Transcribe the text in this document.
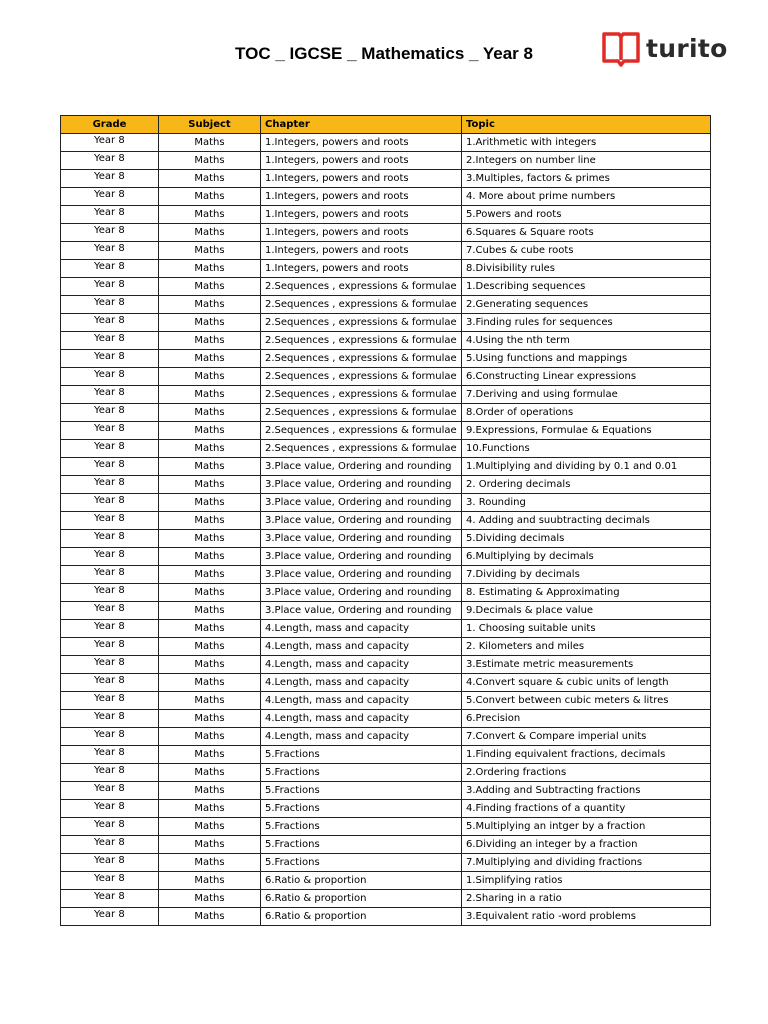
TOC _ IGCSE _ Mathematics _ Year 8	turito
Grade	Subject	Chapter	Topic
Year 8	Maths	1.Integers, powers and roots	1.Arithmetic with integers
Year 8	Maths	1.Integers, powers and roots	2.Integers on number line
Year 8	Maths	1.Integers, powers and roots	3.Multiples, factors & primes
Year 8	Maths	1.Integers, powers and roots	4. More about prime numbers
Year 8	Maths	1.Integers, powers and roots	5.Powers and roots
Year 8	Maths	1.Integers, powers and roots	6.Squares & Square roots
Year 8	Maths	1.Integers, powers and roots	7.Cubes & cube roots
Year 8	Maths	1.Integers, powers and roots	8.Divisibility rules
Year 8	Maths	2.Sequences , expressions & formulae	1.Describing sequences
Year 8	Maths	2.Sequences , expressions & formulae	2.Generating sequences
Year 8	Maths	2.Sequences , expressions & formulae	3.Finding rules for sequences
Year 8	Maths	2.Sequences , expressions & formulae	4.Using the nth term
Year 8	Maths	2.Sequences , expressions & formulae	5.Using functions and mappings
Year 8	Maths	2.Sequences , expressions & formulae	6.Constructing Linear expressions
Year 8	Maths	2.Sequences , expressions & formulae	7.Deriving and using formulae
Year 8	Maths	2.Sequences , expressions & formulae	8.Order of operations
Year 8	Maths	2.Sequences , expressions & formulae	9.Expressions, Formulae & Equations
Year 8	Maths	2.Sequences , expressions & formulae	10.Functions
Year 8	Maths	3.Place value, Ordering and rounding	1.Multiplying and dividing by 0.1 and 0.01
Year 8	Maths	3.Place value, Ordering and rounding	2. Ordering decimals
Year 8	Maths	3.Place value, Ordering and rounding	3. Rounding
Year 8	Maths	3.Place value, Ordering and rounding	4. Adding and suubtracting decimals
Year 8	Maths	3.Place value, Ordering and rounding	5.Dividing decimals
Year 8	Maths	3.Place value, Ordering and rounding	6.Multiplying by decimals
Year 8	Maths	3.Place value, Ordering and rounding	7.Dividing by decimals
Year 8	Maths	3.Place value, Ordering and rounding	8. Estimating & Approximating
Year 8	Maths	3.Place value, Ordering and rounding	9.Decimals & place value
Year 8	Maths	4.Length, mass and capacity	1. Choosing suitable units
Year 8	Maths	4.Length, mass and capacity	2. Kilometers and miles
Year 8	Maths	4.Length, mass and capacity	3.Estimate metric measurements
Year 8	Maths	4.Length, mass and capacity	4.Convert square & cubic units of length
Year 8	Maths	4.Length, mass and capacity	5.Convert between cubic meters & litres
Year 8	Maths	4.Length, mass and capacity	6.Precision
Year 8	Maths	4.Length, mass and capacity	7.Convert & Compare imperial units
Year 8	Maths	5.Fractions	1.Finding equivalent fractions, decimals
Year 8	Maths	5.Fractions	2.Ordering fractions
Year 8	Maths	5.Fractions	3.Adding and Subtracting fractions
Year 8	Maths	5.Fractions	4.Finding fractions of a quantity
Year 8	Maths	5.Fractions	5.Multiplying an intger by a fraction
Year 8	Maths	5.Fractions	6.Dividing an integer by a fraction
Year 8	Maths	5.Fractions	7.Multiplying and dividing fractions
Year 8	Maths	6.Ratio & proportion	1.Simplifying ratios
Year 8	Maths	6.Ratio & proportion	2.Sharing in a ratio
Year 8	Maths	6.Ratio & proportion	3.Equivalent ratio -word problems
